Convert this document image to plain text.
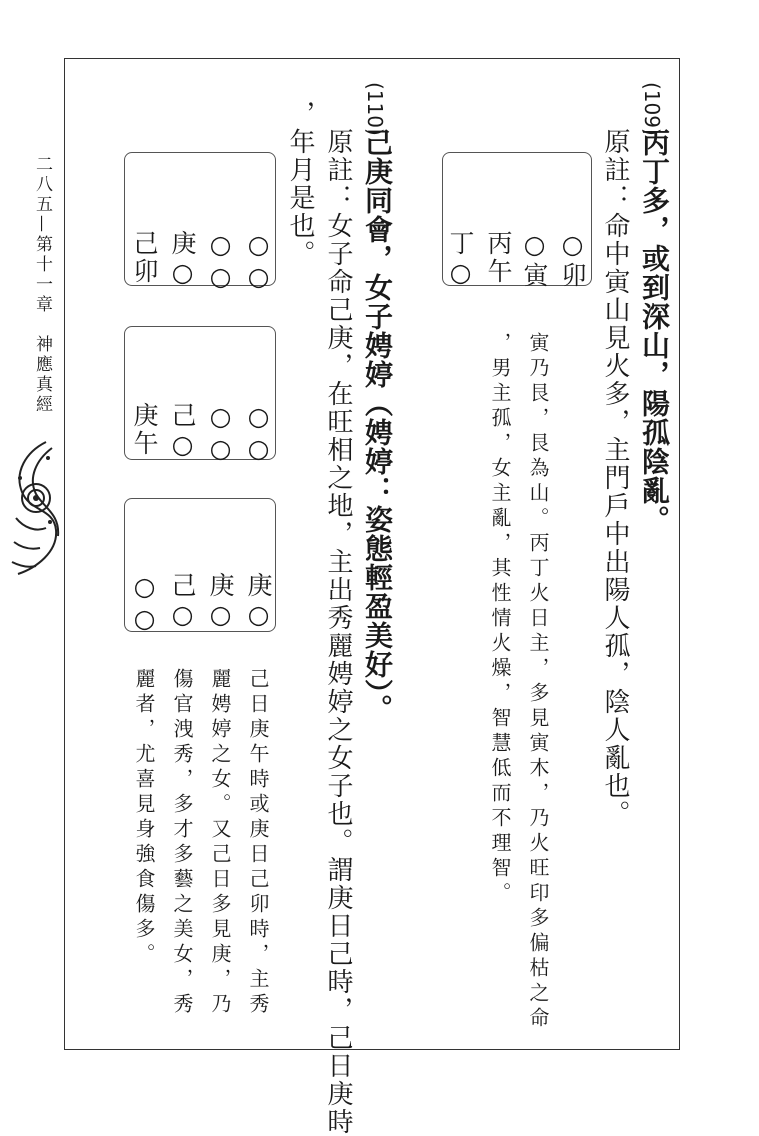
二八五—第十一章　神應真經
(109)
丙丁多，或到深山，陽孤陰亂。
原註：命中寅山見火多，主門戶中出陽人孤，陰人亂也。
○卯
○寅
丙午
丁○
寅乃艮，艮為山。丙丁火日主，多見寅木，乃火旺印多偏枯之命
，男主孤，女主亂，其性情火燥，智慧低而不理智。
(110)
己庚同會，女子娉婷（娉婷：姿態輕盈美好）。
原註：女子命己庚，在旺相之地，主出秀麗娉婷之女子也。謂庚日己時，己日庚時
，年月是也。
○○
○○
庚○
己卯
○○
○○
己○
庚午
庚○
庚○
己○
○○
己日庚午時或庚日己卯時，主秀
麗娉婷之女。又己日多見庚，乃
傷官洩秀，多才多藝之美女，秀
麗者，尤喜見身強食傷多。
